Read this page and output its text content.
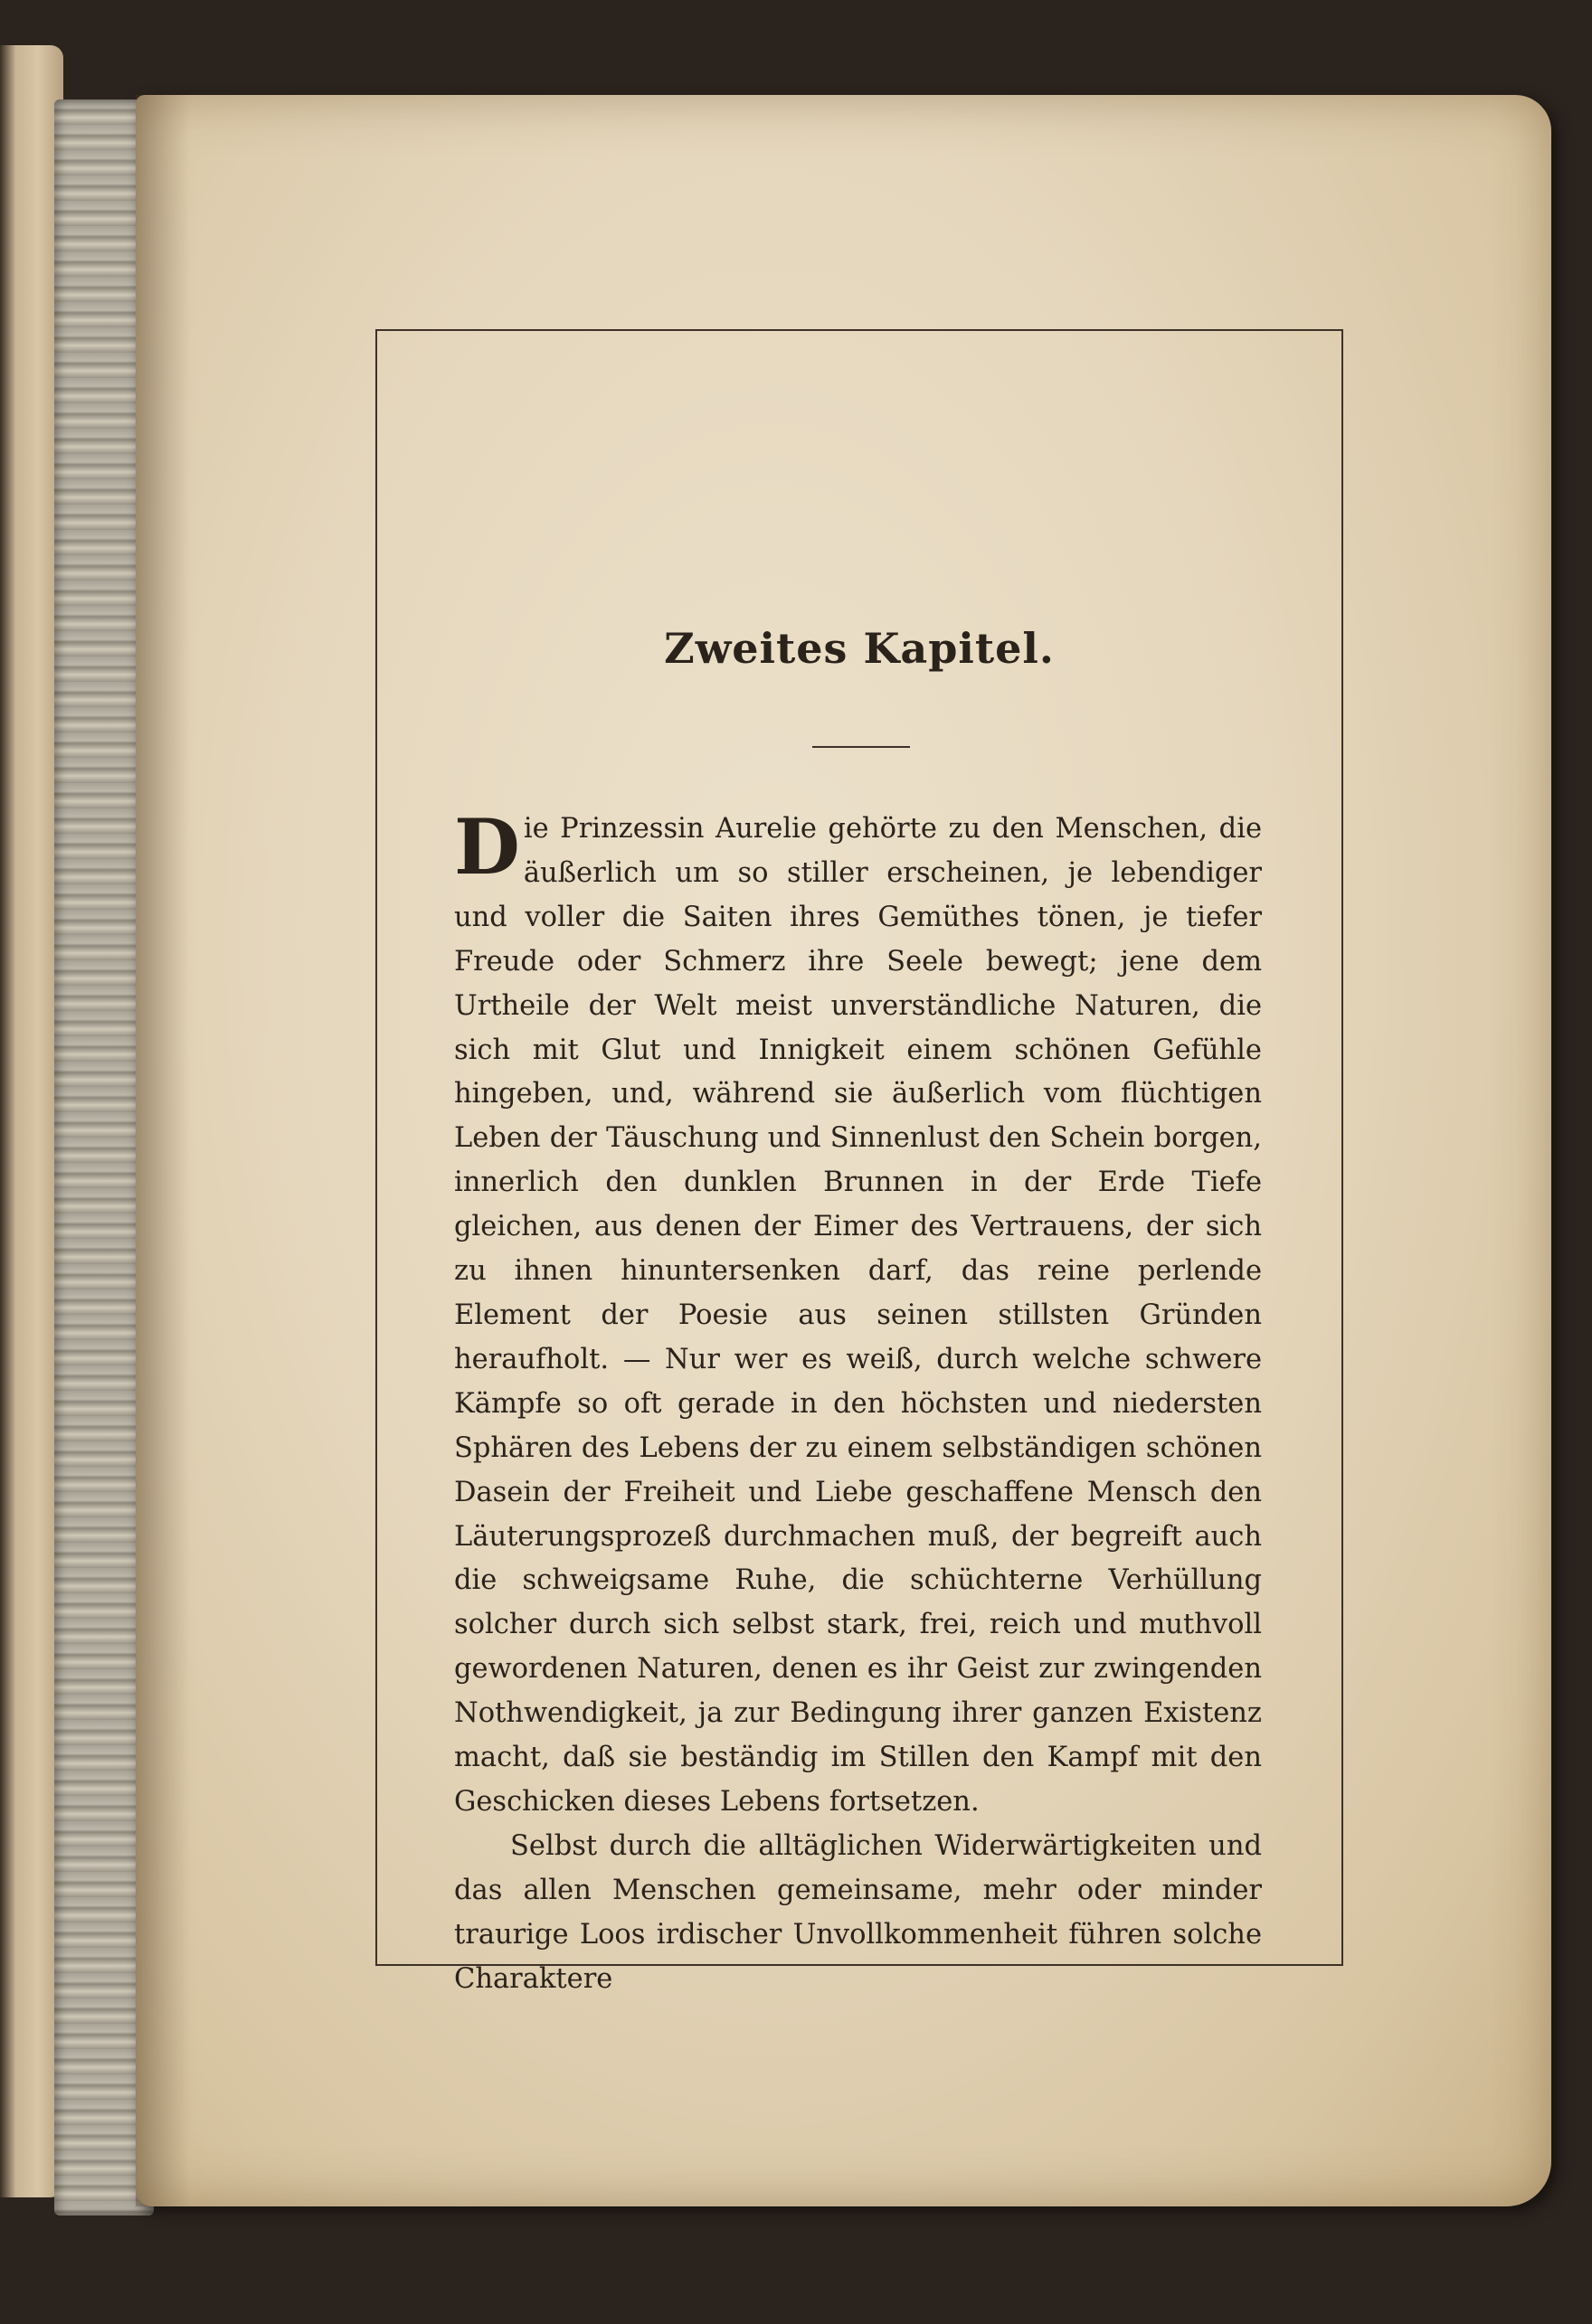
Zweites Kapitel.

Die Prinzessin Aurelie gehörte zu den Menschen, die äußerlich um so stiller erscheinen, je lebendiger und voller die Saiten ihres Gemüthes tönen, je tiefer Freude oder Schmerz ihre Seele bewegt; jene dem Urtheile der Welt meist unverständliche Naturen, die sich mit Glut und Innigkeit einem schönen Gefühle hingeben, und, während sie äußerlich vom flüchtigen Leben der Täuschung und Sinnenlust den Schein borgen, innerlich den dunklen Brunnen in der Erde Tiefe gleichen, aus denen der Eimer des Vertrauens, der sich zu ihnen hinuntersenken darf, das reine perlende Element der Poesie aus seinen stillsten Gründen heraufholt. — Nur wer es weiß, durch welche schwere Kämpfe so oft gerade in den höchsten und niedersten Sphären des Lebens der zu einem selbständigen schönen Dasein der Freiheit und Liebe geschaffene Mensch den Läuterungsprozeß durchmachen muß, der begreift auch die schweigsame Ruhe, die schüchterne Verhüllung solcher durch sich selbst stark, frei, reich und muthvoll gewordenen Naturen, denen es ihr Geist zur zwingenden Nothwendigkeit, ja zur Bedingung ihrer ganzen Existenz macht, daß sie beständig im Stillen den Kampf mit den Geschicken dieses Lebens fortsetzen.

Selbst durch die alltäglichen Widerwärtigkeiten und das allen Menschen gemeinsame, mehr oder minder traurige Loos irdischer Unvollkommenheit führen solche Charaktere
